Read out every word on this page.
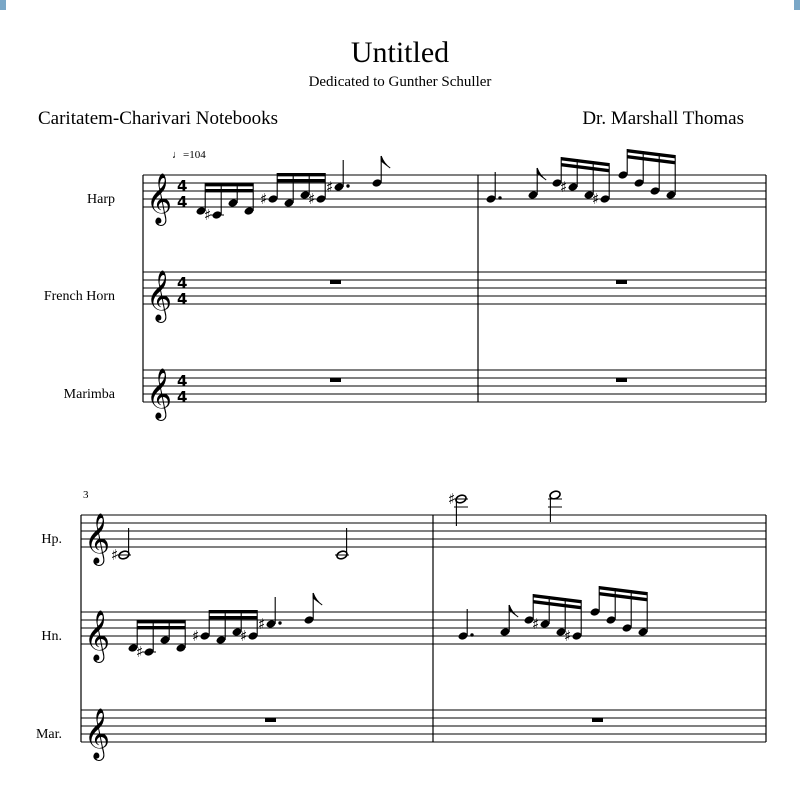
Untitled
Dedicated to Gunther Schuller
Caritatem-Charivari Notebooks	Dr. Marshall Thomas
♩=104
Harp 𝄞 4
4
French Horn 𝄞 4
4
Marimba 𝄞 4
4
♯
♯	♯
♯	♯
♯
3
Hp. 𝄞
Hn. 𝄞
Mar. 𝄞
♯
♯
♯
♯	♯
♯	♯
♯
